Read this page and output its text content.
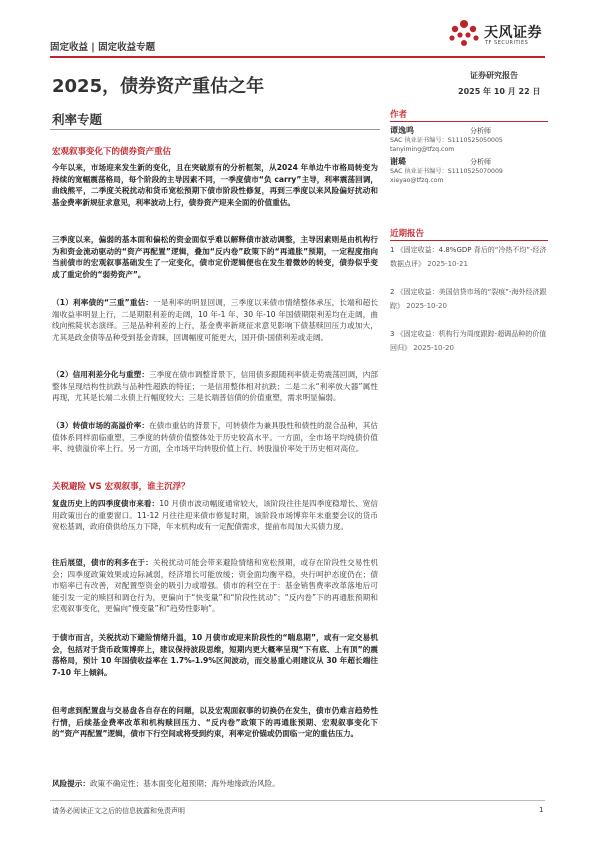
固定收益 | 固定收益专题
天风证券
TF SECURITIES
2025，债券资产重估之年
利率专题
证券研究报告
2025 年 10 月 22 日
作者
谭逸鸣	分析师
SAC 执业证书编号：S1110525050005
tanyiming@tfzq.com
谢璐	分析师
SAC 执业证书编号：S1110525070009
xieyao@tfzq.com
近期报告
1 《固定收益：4.8%GDP 背后的“冷热不均”-经济数据点评》 2025-10-21
2 《固定收益：美国信贷市场的“裂痕”-海外经济跟踪》 2025-10-20
3 《固定收益：机构行为周度跟踪-超调品种的价值回归》 2025-10-20
宏观叙事变化下的债券资产重估
今年以来，市场迎来发生新的变化，且在突破原有的分析框架，从2024 年单边牛市格局转变为持续的宽幅震荡格局，每个阶段的主导因素不同，一季度债市“负 carry”主导，利率震荡回调，曲线熊平，二季度关税扰动和货币宽松预期下债市阶段性修复，再到三季度以来风险偏好扰动和基金费率新规征求意见，利率波动上行，债券资产迎来全面的价值重估。
三季度以来，偏弱的基本面和偏松的资金面似乎难以解释债市波动调整，主导因素则是由机构行为和资金流动驱动的“资产再配置”逻辑，叠加“反内卷”政策下的“再通胀”预期，一定程度指向当前债市的宏观叙事基础发生了一定变化，债市定价逻辑便也在发生着微妙的转变，债券似乎变成了重定价的“弱势资产”。
（1）利率债的“三重”重估：一是利率的明显回调，三季度以来债市情绪整体承压，长端和超长端收益率明显上行，二是期限利差的走阔，10 年-1 年、30 年-10 年国债期限利差均在走阔，曲线向熊陡状态演绎。三是品种利差的上行，基金费率新规征求意见影响下债基赎回压力或加大，尤其是政金债等品种受到基金青睐，回调幅度可能更大，国开债-国债利差或走阔。
（2）信用利差分化与重塑：三季度在债市调整背景下，信用债多跟随利率债走势震荡回调，内部整体呈现结构性抗跌与品种性超跌的特征；一是信用整体相对抗跌；二是二永“利率放大器”属性再现，尤其是长端二永债上行幅度较大；三是长端普信债的价值重塑，需求明显偏弱。
（3）转债市场的高溢价率：在债市重估的背景下，可转债作为兼具股性和债性的混合品种，其估值体系同样面临重塑，三季度的转债价值整体处于历史较高水平。一方面，全市场平均纯债价值率、纯债溢价率上行。另一方面，全市场平均转股价值上行、转股溢价率处于历史相对高位。
关税避险 VS 宏观叙事，谁主沉浮？
复盘历史上的四季度债市来看：10 月债市波动幅度通常较大，该阶段往往是四季度稳增长、宽信用政策出台的重要窗口。11-12 月往往迎来债市修复时期，该阶段市场博弈年末重要会议的货币宽松基调，政府债供给压力下降，年末机构或有一定配债需求，提前布局加大买债力度。
往后展望，债市的利多在于：关税扰动可能会带来避险情绪和宽松预期，或存在阶段性交易性机会；四季度政策效果或边际减弱，经济增长可能放缓；资金面均衡平稳，央行呵护态度仍在；债市赔率已有改善，对配置型资金的吸引力或增强。债市的利空在于：基金销售费率改革落地后可能引发一定的赎回和调仓行为，更偏向于“快变量”和“阶段性扰动”；“反内卷”下的再通胀预期和宏观叙事变化，更偏向“慢变量”和“趋势性影响”。
于债市而言，关税扰动下避险情绪升温，10 月债市或迎来阶段性的“喘息期”，或有一定交易机会，包括对于货币政策博弈上，建议保持波段思维，短期内更大概率呈现“下有底、上有顶”的震荡格局，预计 10 年国债收益率在 1.7%-1.9%区间波动，而交易重心则建议从 30 年超长端往 7-10 年上倾斜。
但考虑到配置盘与交易盘各自存在的问题，以及宏观面叙事的切换仍在发生，债市仍难言趋势性行情，后续基金费率改革和机构赎回压力、“反内卷”政策下的再通胀预期、宏观叙事变化下的“资产再配置”逻辑，债市下行空间或将受到约束，利率定价锚或仍面临一定的重估压力。
风险提示：政策不确定性；基本面变化超预期；海外地缘政治风险。
请务必阅读正文之后的信息披露和免责声明	1
